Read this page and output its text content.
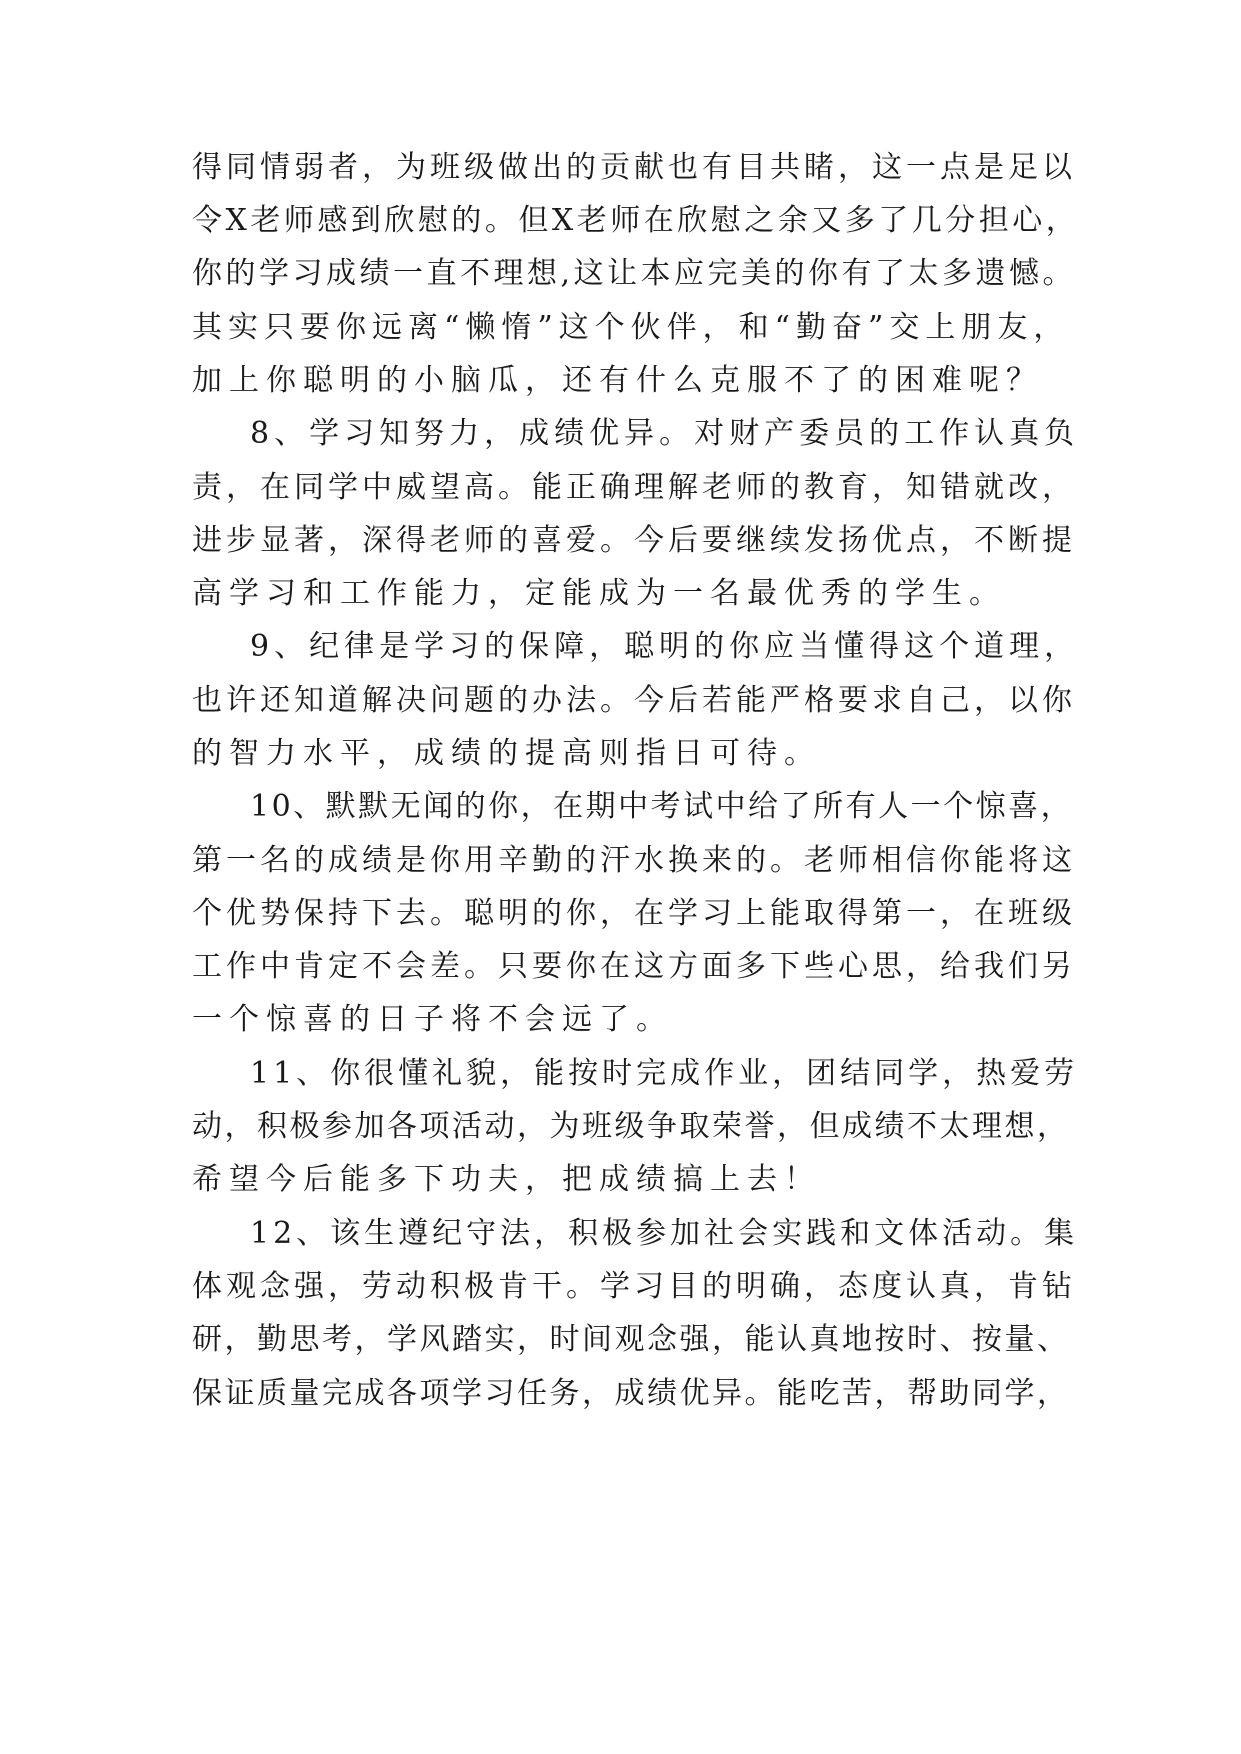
得同情弱者，为班级做出的贡献也有目共睹，这一点是足以
令X老师感到欣慰的。但X老师在欣慰之余又多了几分担心，
你的学习成绩一直不理想,这让本应完美的你有了太多遗憾。
其实只要你远离“懒惰”这个伙伴，和“勤奋”交上朋友，
加上你聪明的小脑瓜，还有什么克服不了的困难呢？
8、学习知努力，成绩优异。对财产委员的工作认真负
责，在同学中威望高。能正确理解老师的教育，知错就改，
进步显著，深得老师的喜爱。今后要继续发扬优点，不断提
高学习和工作能力，定能成为一名最优秀的学生。
9、纪律是学习的保障，聪明的你应当懂得这个道理，
也许还知道解决问题的办法。今后若能严格要求自己，以你
的智力水平，成绩的提高则指日可待。
10、默默无闻的你，在期中考试中给了所有人一个惊喜，
第一名的成绩是你用辛勤的汗水换来的。老师相信你能将这
个优势保持下去。聪明的你，在学习上能取得第一，在班级
工作中肯定不会差。只要你在这方面多下些心思，给我们另
一个惊喜的日子将不会远了。
11、你很懂礼貌，能按时完成作业，团结同学，热爱劳
动，积极参加各项活动，为班级争取荣誉，但成绩不太理想，
希望今后能多下功夫，把成绩搞上去！
12、该生遵纪守法，积极参加社会实践和文体活动。集
体观念强，劳动积极肯干。学习目的明确，态度认真，肯钻
研，勤思考，学风踏实，时间观念强，能认真地按时、按量、
保证质量完成各项学习任务，成绩优异。能吃苦，帮助同学，
